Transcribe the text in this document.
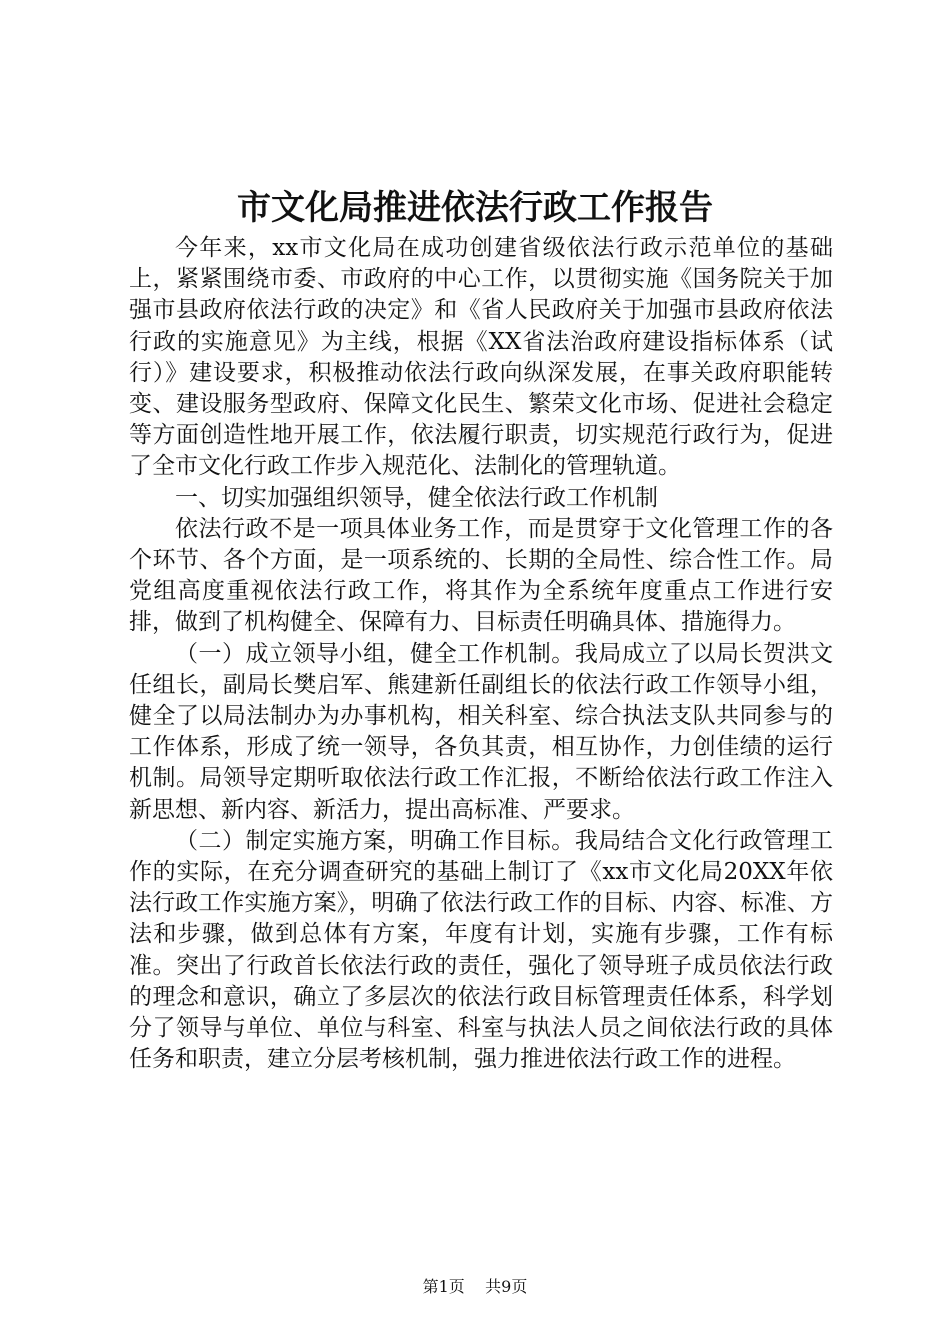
市文化局推进依法行政工作报告

今年来，xx市文化局在成功创建省级依法行政示范单位的基础上，紧紧围绕市委、市政府的中心工作，以贯彻实施《国务院关于加强市县政府依法行政的决定》和《省人民政府关于加强市县政府依法行政的实施意见》为主线，根据《XX省法治政府建设指标体系（试行）》建设要求，积极推动依法行政向纵深发展，在事关政府职能转变、建设服务型政府、保障文化民生、繁荣文化市场、促进社会稳定等方面创造性地开展工作，依法履行职责，切实规范行政行为，促进了全市文化行政工作步入规范化、法制化的管理轨道。

一、切实加强组织领导，健全依法行政工作机制

依法行政不是一项具体业务工作，而是贯穿于文化管理工作的各个环节、各个方面，是一项系统的、长期的全局性、综合性工作。局党组高度重视依法行政工作，将其作为全系统年度重点工作进行安排，做到了机构健全、保障有力、目标责任明确具体、措施得力。

（一）成立领导小组，健全工作机制。我局成立了以局长贺洪文任组长，副局长樊启军、熊建新任副组长的依法行政工作领导小组，健全了以局法制办为办事机构，相关科室、综合执法支队共同参与的工作体系，形成了统一领导，各负其责，相互协作，力创佳绩的运行机制。局领导定期听取依法行政工作汇报，不断给依法行政工作注入新思想、新内容、新活力，提出高标准、严要求。

（二）制定实施方案，明确工作目标。我局结合文化行政管理工作的实际，在充分调查研究的基础上制订了《xx市文化局20XX年依法行政工作实施方案》，明确了依法行政工作的目标、内容、标准、方法和步骤，做到总体有方案，年度有计划，实施有步骤，工作有标准。突出了行政首长依法行政的责任，强化了领导班子成员依法行政的理念和意识，确立了多层次的依法行政目标管理责任体系，科学划分了领导与单位、单位与科室、科室与执法人员之间依法行政的具体任务和职责，建立分层考核机制，强力推进依法行政工作的进程。

第1页 共9页
